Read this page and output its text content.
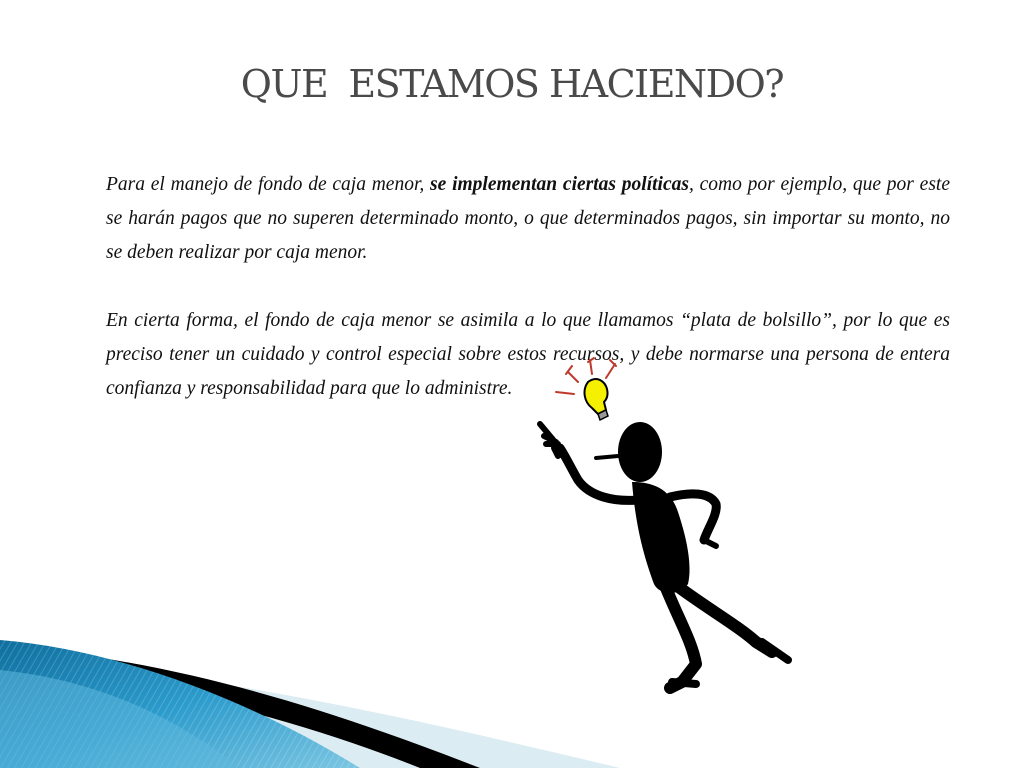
QUE  ESTAMOS HACIENDO?

Para el manejo de fondo de caja menor, se implementan ciertas políticas, como por ejemplo, que por este se harán pagos que no superen determinado monto, o que determinados pagos, sin importar su monto, no se deben realizar por caja menor.

En cierta forma, el fondo de caja menor se asimila a lo que llamamos “plata de bolsillo”, por lo que es preciso tener un cuidado y control especial sobre estos recursos, y debe normarse una persona de entera confianza y responsabilidad para que lo administre.
